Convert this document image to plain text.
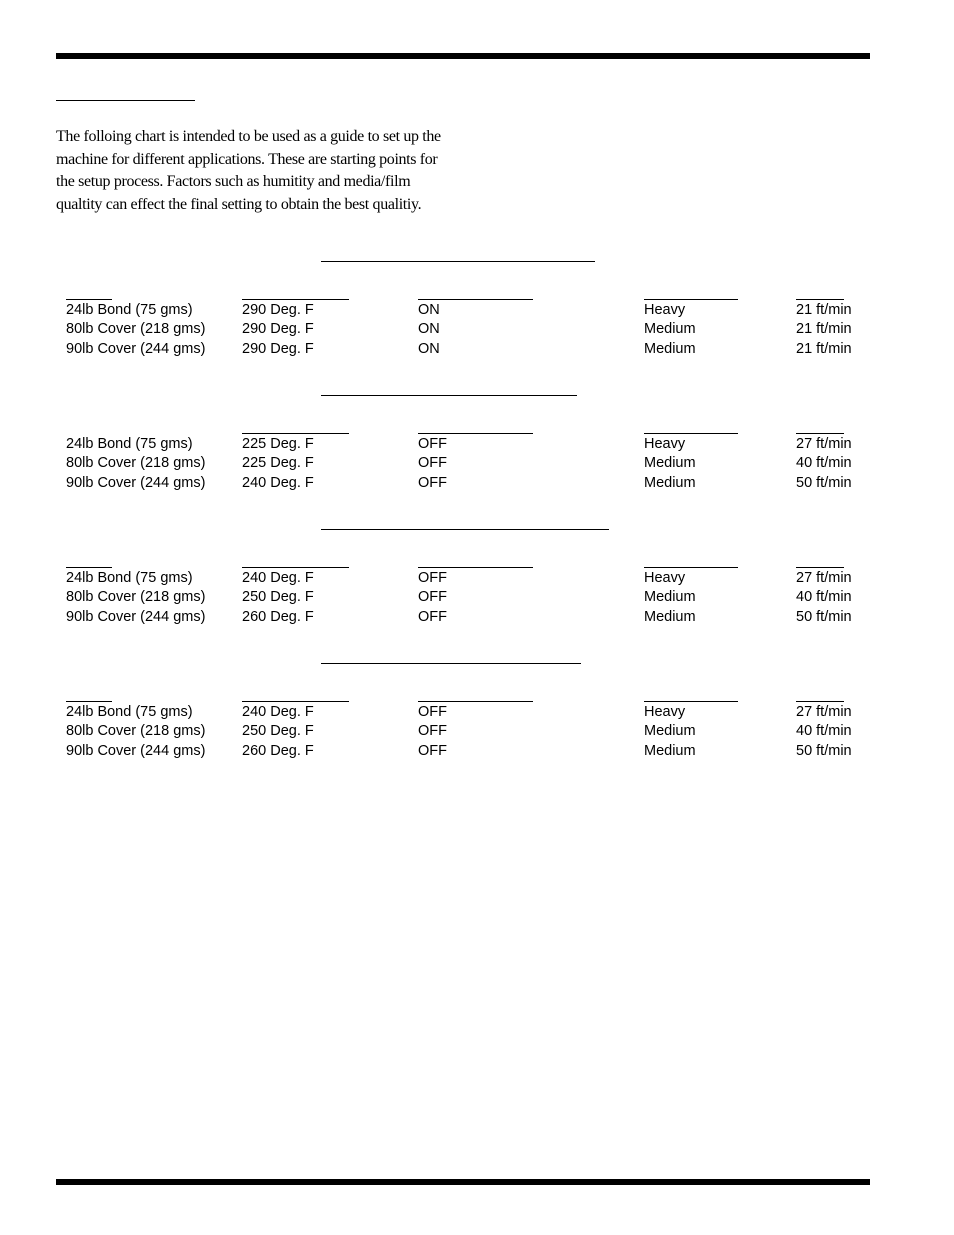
The folloing chart is intended to be used as a guide to set up the machine for different applications. These are starting points for the setup process. Factors such as humitity and media/film qualtity can effect the final setting to obtain the best qualitiy.

24lb Bond (75 gms)	290 Deg. F	ON	Heavy	21 ft/min
80lb Cover (218 gms)	290 Deg. F	ON	Medium	21 ft/min
90lb Cover (244 gms)	290 Deg. F	ON	Medium	21 ft/min
24lb Bond (75 gms)	225 Deg. F	OFF	Heavy	27 ft/min
80lb Cover (218 gms)	225 Deg. F	OFF	Medium	40 ft/min
90lb Cover (244 gms)	240 Deg. F	OFF	Medium	50 ft/min
24lb Bond (75 gms)	240 Deg. F	OFF	Heavy	27 ft/min
80lb Cover (218 gms)	250 Deg. F	OFF	Medium	40 ft/min
90lb Cover (244 gms)	260 Deg. F	OFF	Medium	50 ft/min
24lb Bond (75 gms)	240 Deg. F	OFF	Heavy	27 ft/min
80lb Cover (218 gms)	250 Deg. F	OFF	Medium	40 ft/min
90lb Cover (244 gms)	260 Deg. F	OFF	Medium	50 ft/min
